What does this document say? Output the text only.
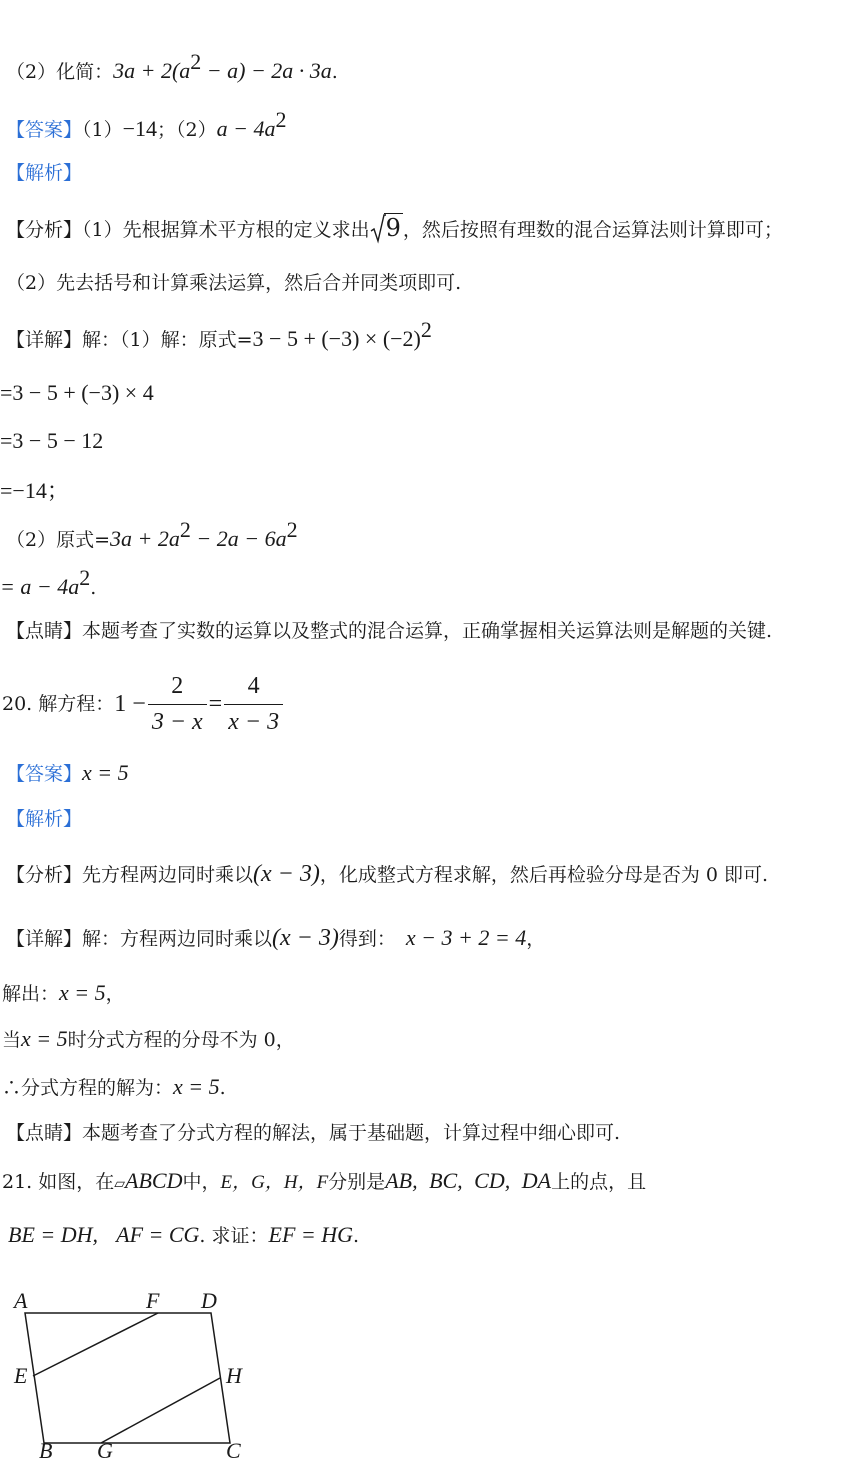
（2）化简：$3a + 2(a^2 - a) - 2a \cdot 3a$.
【答案】（1）−14；$(2)a - 4a^2$
【解析】
【分析】（1）先根据算术平方根的定义求出 9 ，然后按照有理数的混合运算法则计算即可；
（2）先去括号和计算乘法运算，然后合并同类项即可.
【详解】解：（1）解：原式$=3 - 5 + (-3) \times (-2)^2$
=3 − 5 + (−3) × 4
=3 − 5 − 12
=−14；
（2）原式$=3a + 2a^2 - 2a - 6a^2$
= $a - 4a^2$.
【点睛】本题考查了实数的运算以及整式的混合运算，正确掌握相关运算法则是解题的关键.
20. 解方程：$1 - \frac{2}{3 - x} = \frac{4}{x - 3}$
【答案】x = 5
【解析】
【分析】先方程两边同时乘以(x − 3)，化成整式方程求解，然后再检验分母是否为 0 即可.
【详解】解：方程两边同时乘以(x − 3)得到： x − 3 + 2 = 4，
解出：x = 5，
当x = 5时分式方程的分母不为 0，
∴分式方程的解为：x = 5.
【点睛】本题考查了分式方程的解法，属于基础题，计算过程中细心即可.
21. 如图，在▱ABCD中，E，G，H，F分别是AB, BC, CD, DA上的点，且
BE = DH, AF = CG. 求证：EF = HG.
A	F D
E	H
B G	C
